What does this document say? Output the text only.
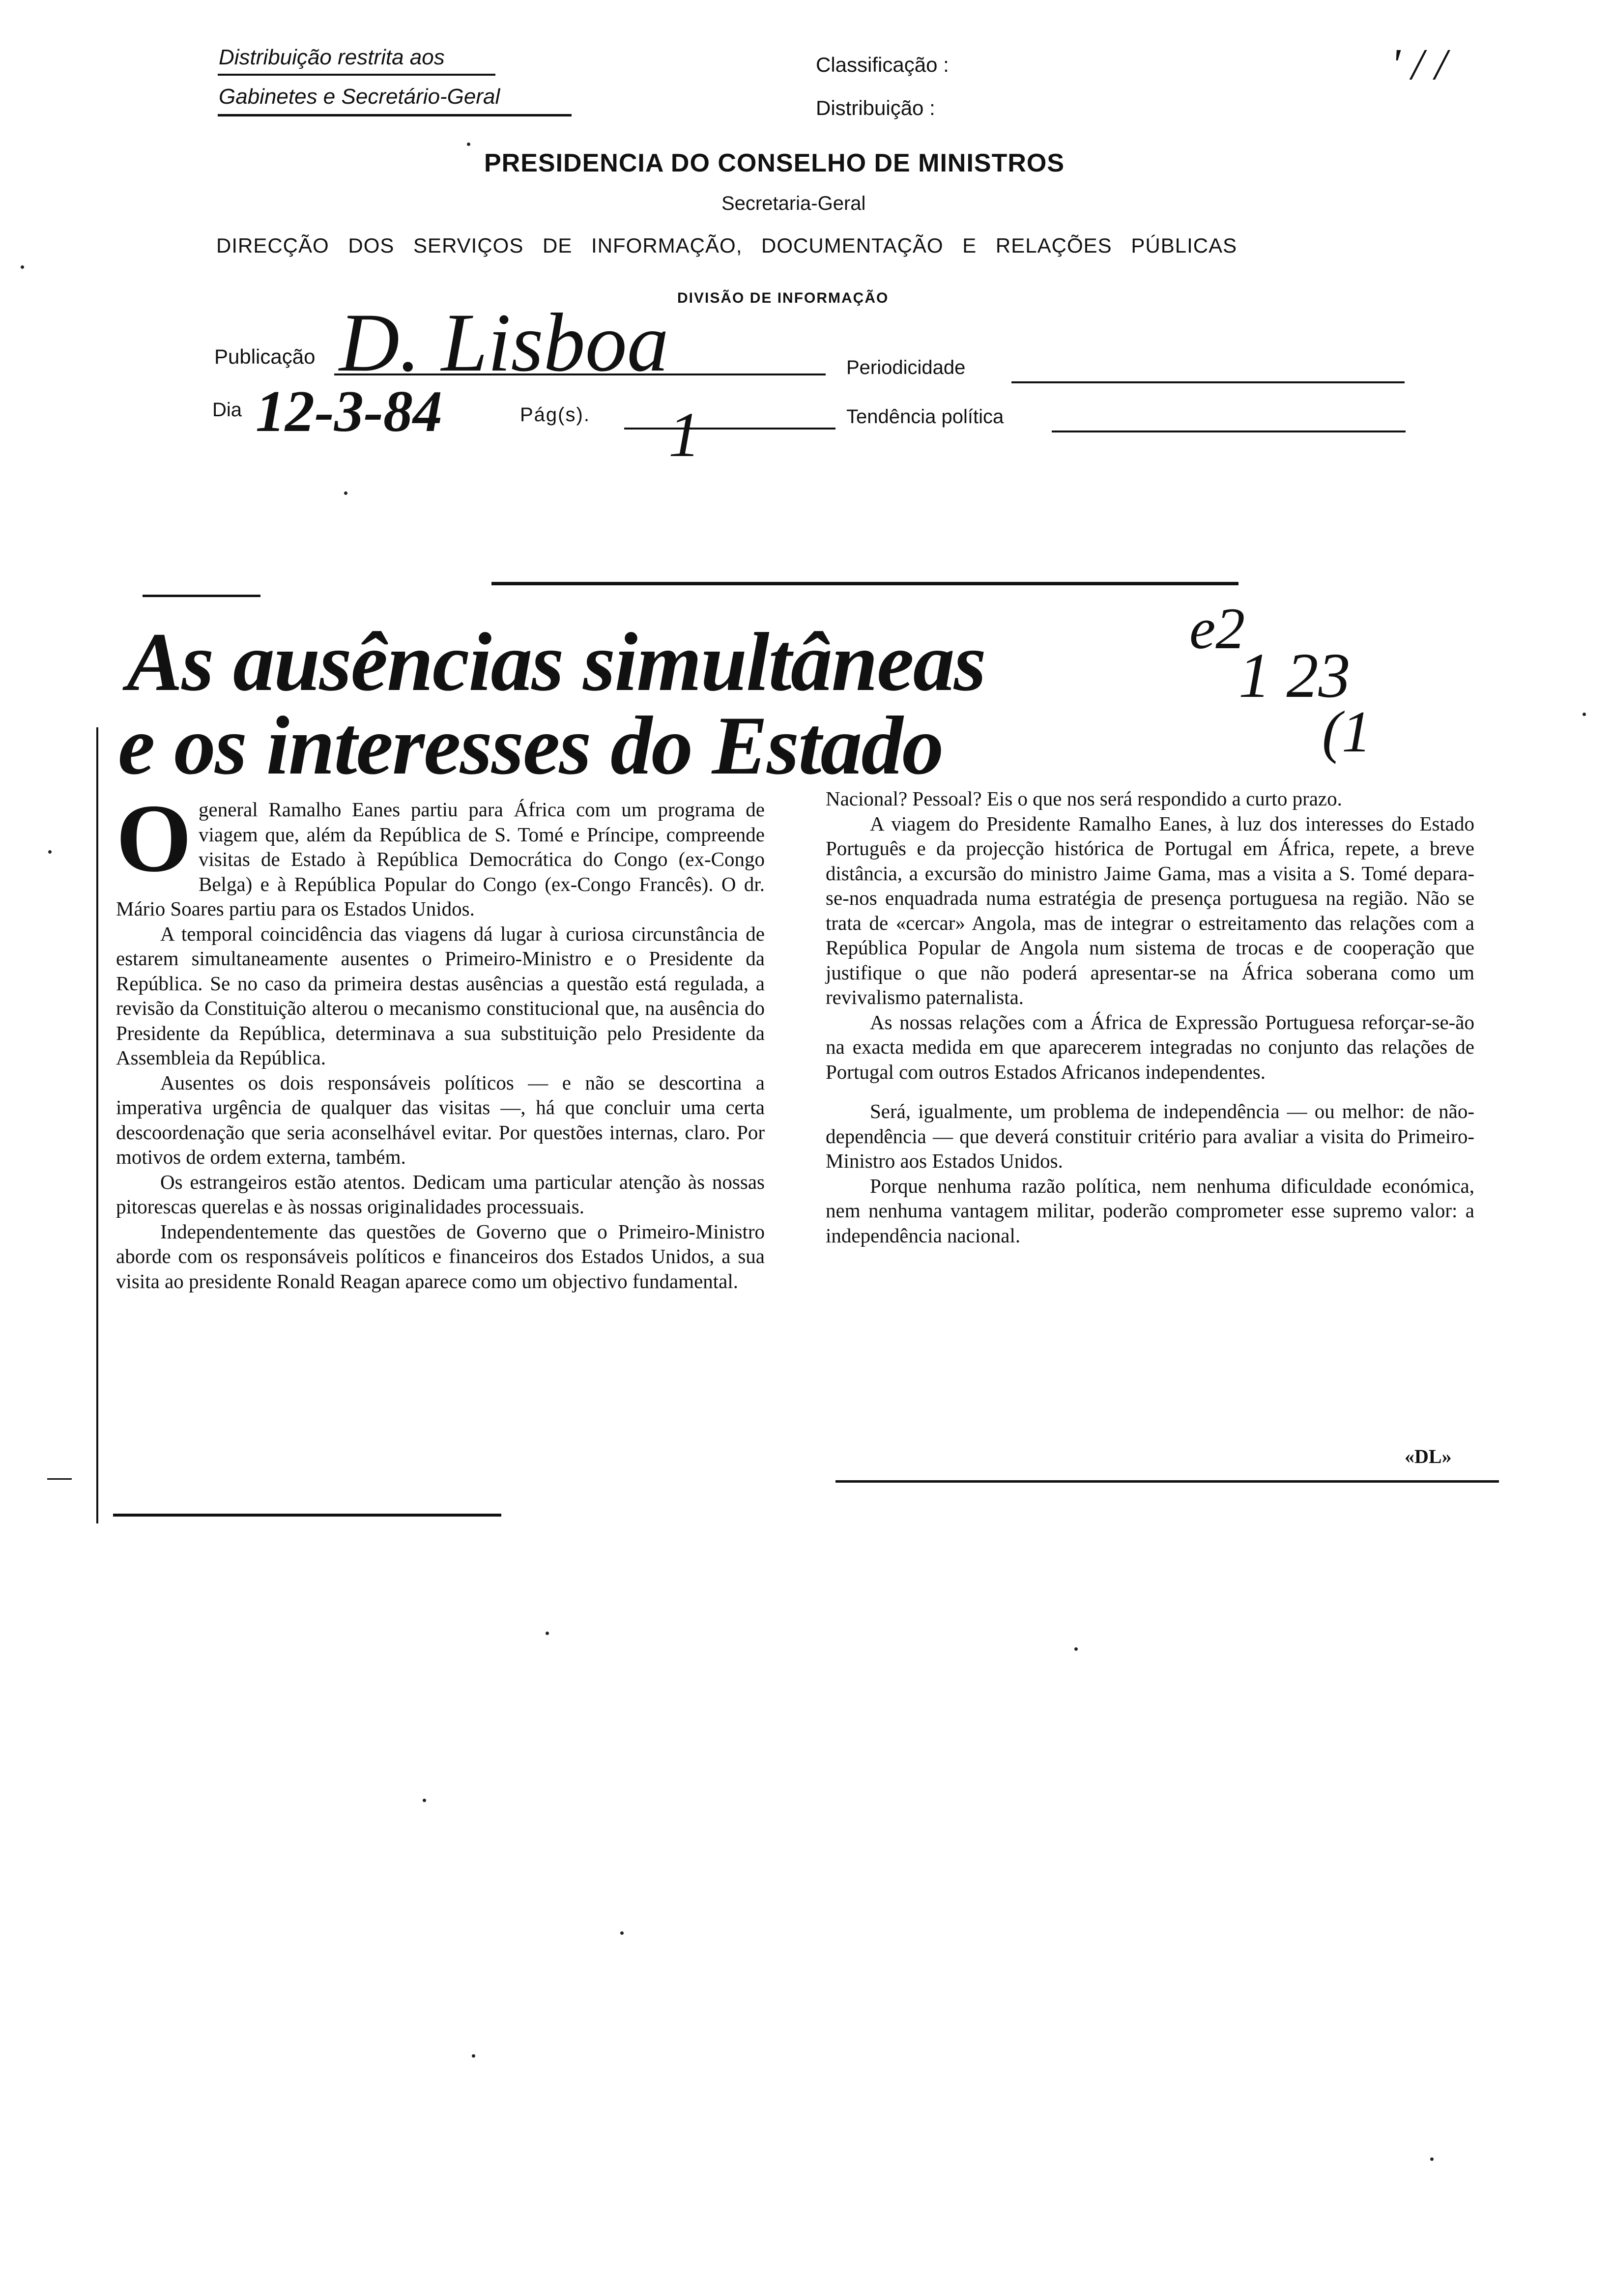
Distribuição restrita aos
Gabinetes e Secretário-Geral
Classificação :
Distribuição :
' / /
PRESIDENCIA DO CONSELHO DE MINISTROS
Secretaria-Geral
DIRECÇÃO DOS SERVIÇOS DE INFORMAÇÃO, DOCUMENTAÇÃO E RELAÇÕES PÚBLICAS
DIVISÃO DE INFORMAÇÃO
Publicação D. Lisboa	Periodicidade
Dia 12-3-84	Pág(s). 1	Tendência política
As ausências simultâneas
e os interesses do Estado
e2
1 23
(1

Ogeneral Ramalho Eanes partiu para África com um programa de viagem que, além da República de S. Tomé e Príncipe, compreende visitas de Estado à República Democrática do Congo (ex-Congo Belga) e à República Popular do Congo (ex-Congo Francês). O dr. Mário Soares partiu para os Estados Unidos.

A temporal coincidência das viagens dá lugar à curiosa circunstância de estarem simultaneamente ausentes o Primeiro-Ministro e o Presidente da República. Se no caso da primeira destas ausências a questão está regulada, a revisão da Constituição alterou o mecanismo constitucional que, na ausência do Presidente da República, determinava a sua substituição pelo Presidente da Assembleia da República.

Ausentes os dois responsáveis políticos — e não se descortina a imperativa urgência de qualquer das visitas —, há que concluir uma certa descoordenação que seria aconselhável evitar. Por questões internas, claro. Por motivos de ordem externa, também.

Os estrangeiros estão atentos. Dedicam uma particular atenção às nossas pitorescas querelas e às nossas originalidades processuais.

Independentemente das questões de Governo que o Primeiro-Ministro aborde com os responsáveis políticos e financeiros dos Estados Unidos, a sua visita ao presidente Ronald Reagan aparece como um objectivo fundamental.

Nacional? Pessoal? Eis o que nos será respondido a curto prazo.

A viagem do Presidente Ramalho Eanes, à luz dos interesses do Estado Português e da projecção histórica de Portugal em África, repete, a breve distância, a excursão do ministro Jaime Gama, mas a visita a S. Tomé depara-se-nos enquadrada numa estratégia de presença portuguesa na região. Não se trata de «cercar» Angola, mas de integrar o estreitamento das relações com a República Popular de Angola num sistema de trocas e de cooperação que justifique o que não poderá apresentar-se na África soberana como um revivalismo paternalista.

As nossas relações com a África de Expressão Portuguesa reforçar-se-ão na exacta medida em que aparecerem integradas no conjunto das relações de Portugal com outros Estados Africanos independentes.

Será, igualmente, um problema de independência — ou melhor: de não-dependência — que deverá constituir critério para avaliar a visita do Primeiro-Ministro aos Estados Unidos.

Porque nenhuma razão política, nem nenhuma dificuldade económica, nem nenhuma vantagem militar, poderão comprometer esse supremo valor: a independência nacional.

«DL»
